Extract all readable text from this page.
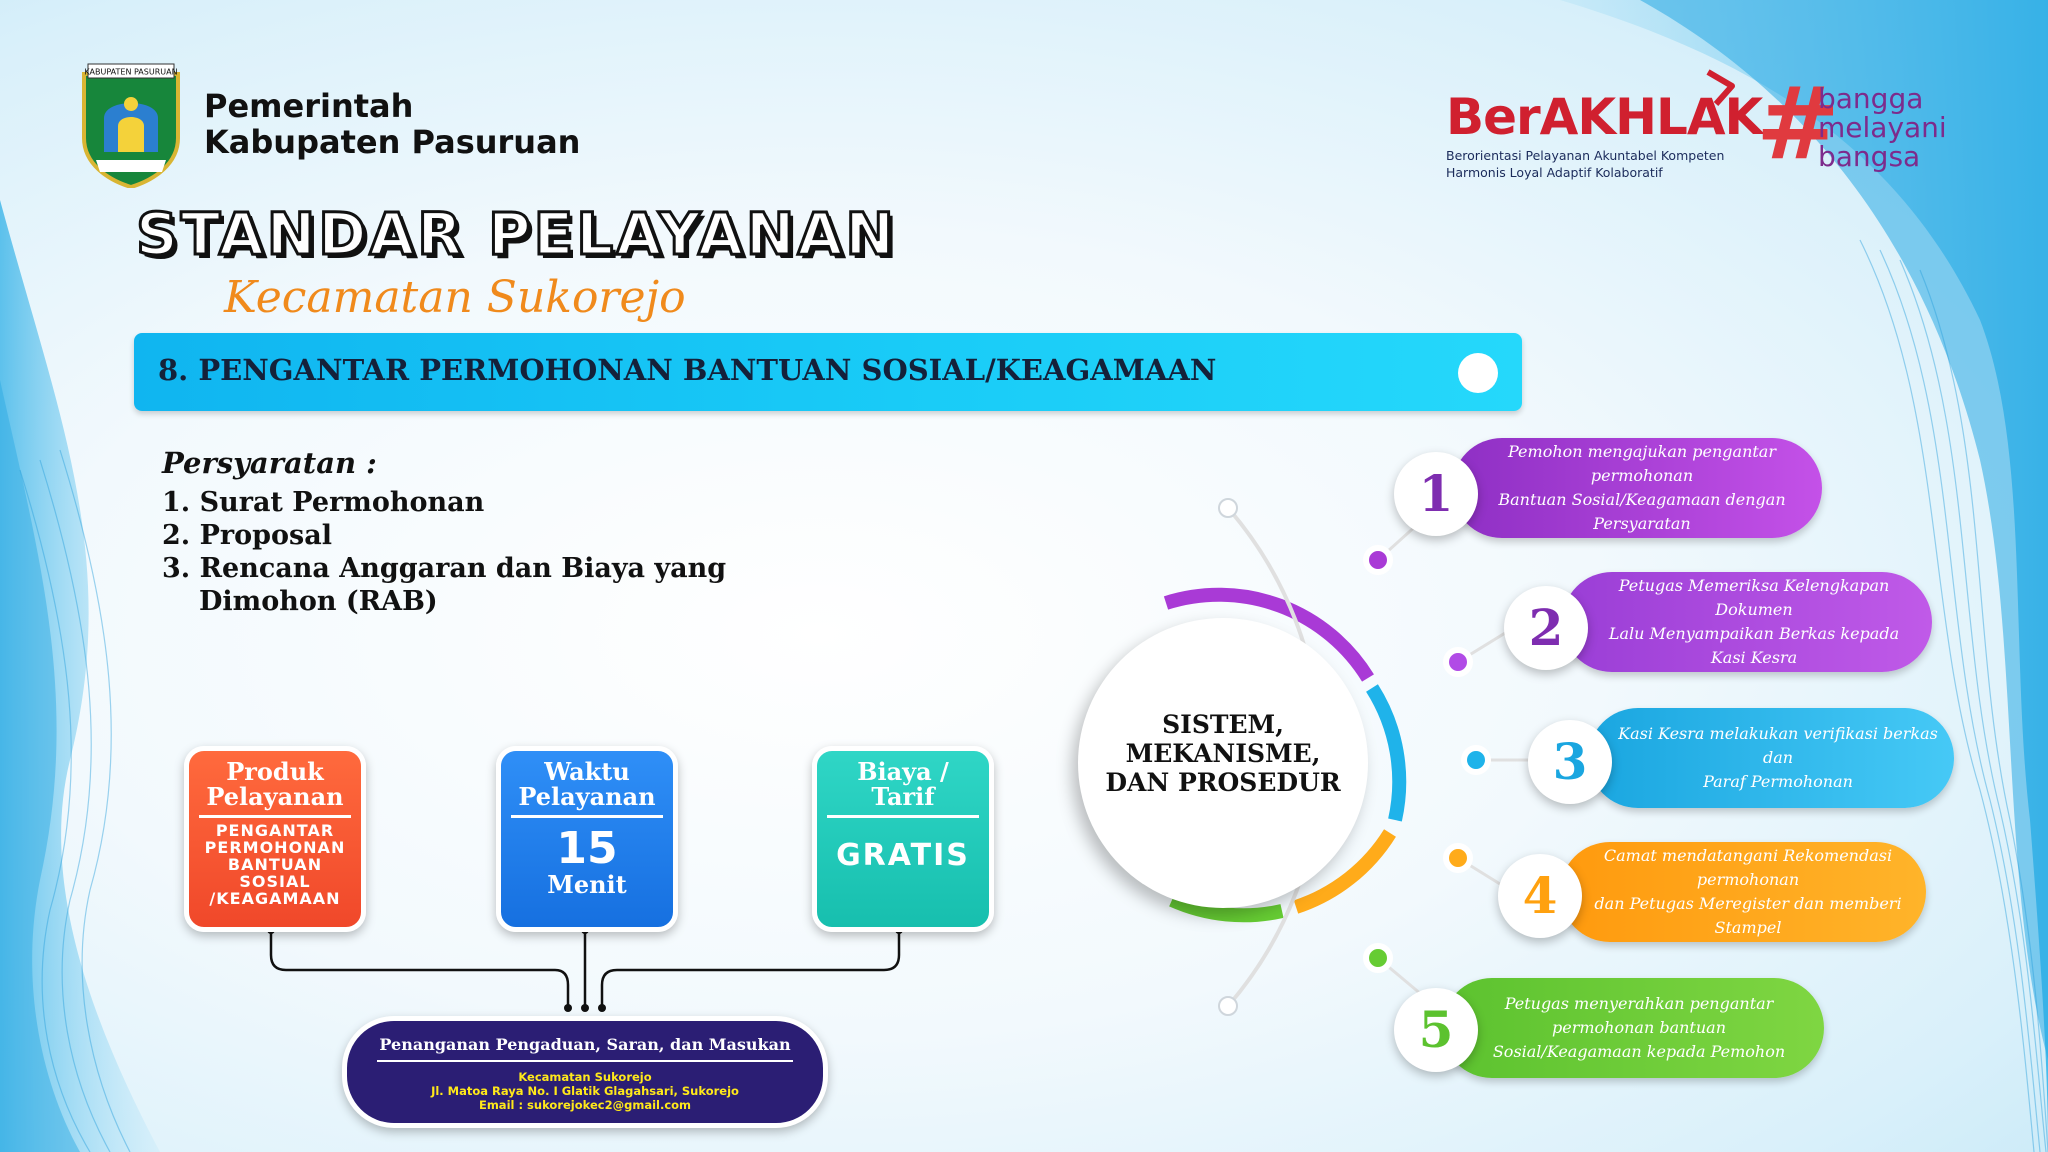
KABUPATEN PASURUAN
Pemerintah
Kabupaten Pasuruan
STANDAR PELAYANAN
Kecamatan Sukorejo
BerAKHLAK
Berorientasi Pelayanan Akuntabel Kompeten
Harmonis Loyal Adaptif Kolaboratif #
bangga
melayani
bangsa
8. PENGANTAR PERMOHONAN BANTUAN SOSIAL/KEAGAMAAN
Persyaratan :
1. Surat Permohonan
2. Proposal
3. Rencana Anggaran dan Biaya yang
Dimohon (RAB)
Produk
Pelayanan
PENGANTAR
PERMOHONAN
BANTUAN
SOSIAL
/KEAGAMAAN
Waktu
Pelayanan
15
Menit
Biaya /
Tarif
GRATIS
Penanganan Pengaduan, Saran, dan Masukan
Kecamatan Sukorejo
Jl. Matoa Raya No. I Glatik Glagahsari, Sukorejo
Email : sukorejokec2@gmail.com
SISTEM,
MEKANISME,
DAN PROSEDUR
Pemohon mengajukan pengantar permohonan
Bantuan Sosial/Keagamaan dengan Persyaratan
1
Petugas Memeriksa Kelengkapan Dokumen
Lalu Menyampaikan Berkas kepada
Kasi Kesra
2
Kasi Kesra melakukan verifikasi berkas dan
Paraf Permohonan
3
Camat mendatangani Rekomendasi permohonan
dan Petugas Meregister dan memberi Stampel
4
Petugas menyerahkan pengantar permohonan bantuan
Sosial/Keagamaan kepada Pemohon
5
